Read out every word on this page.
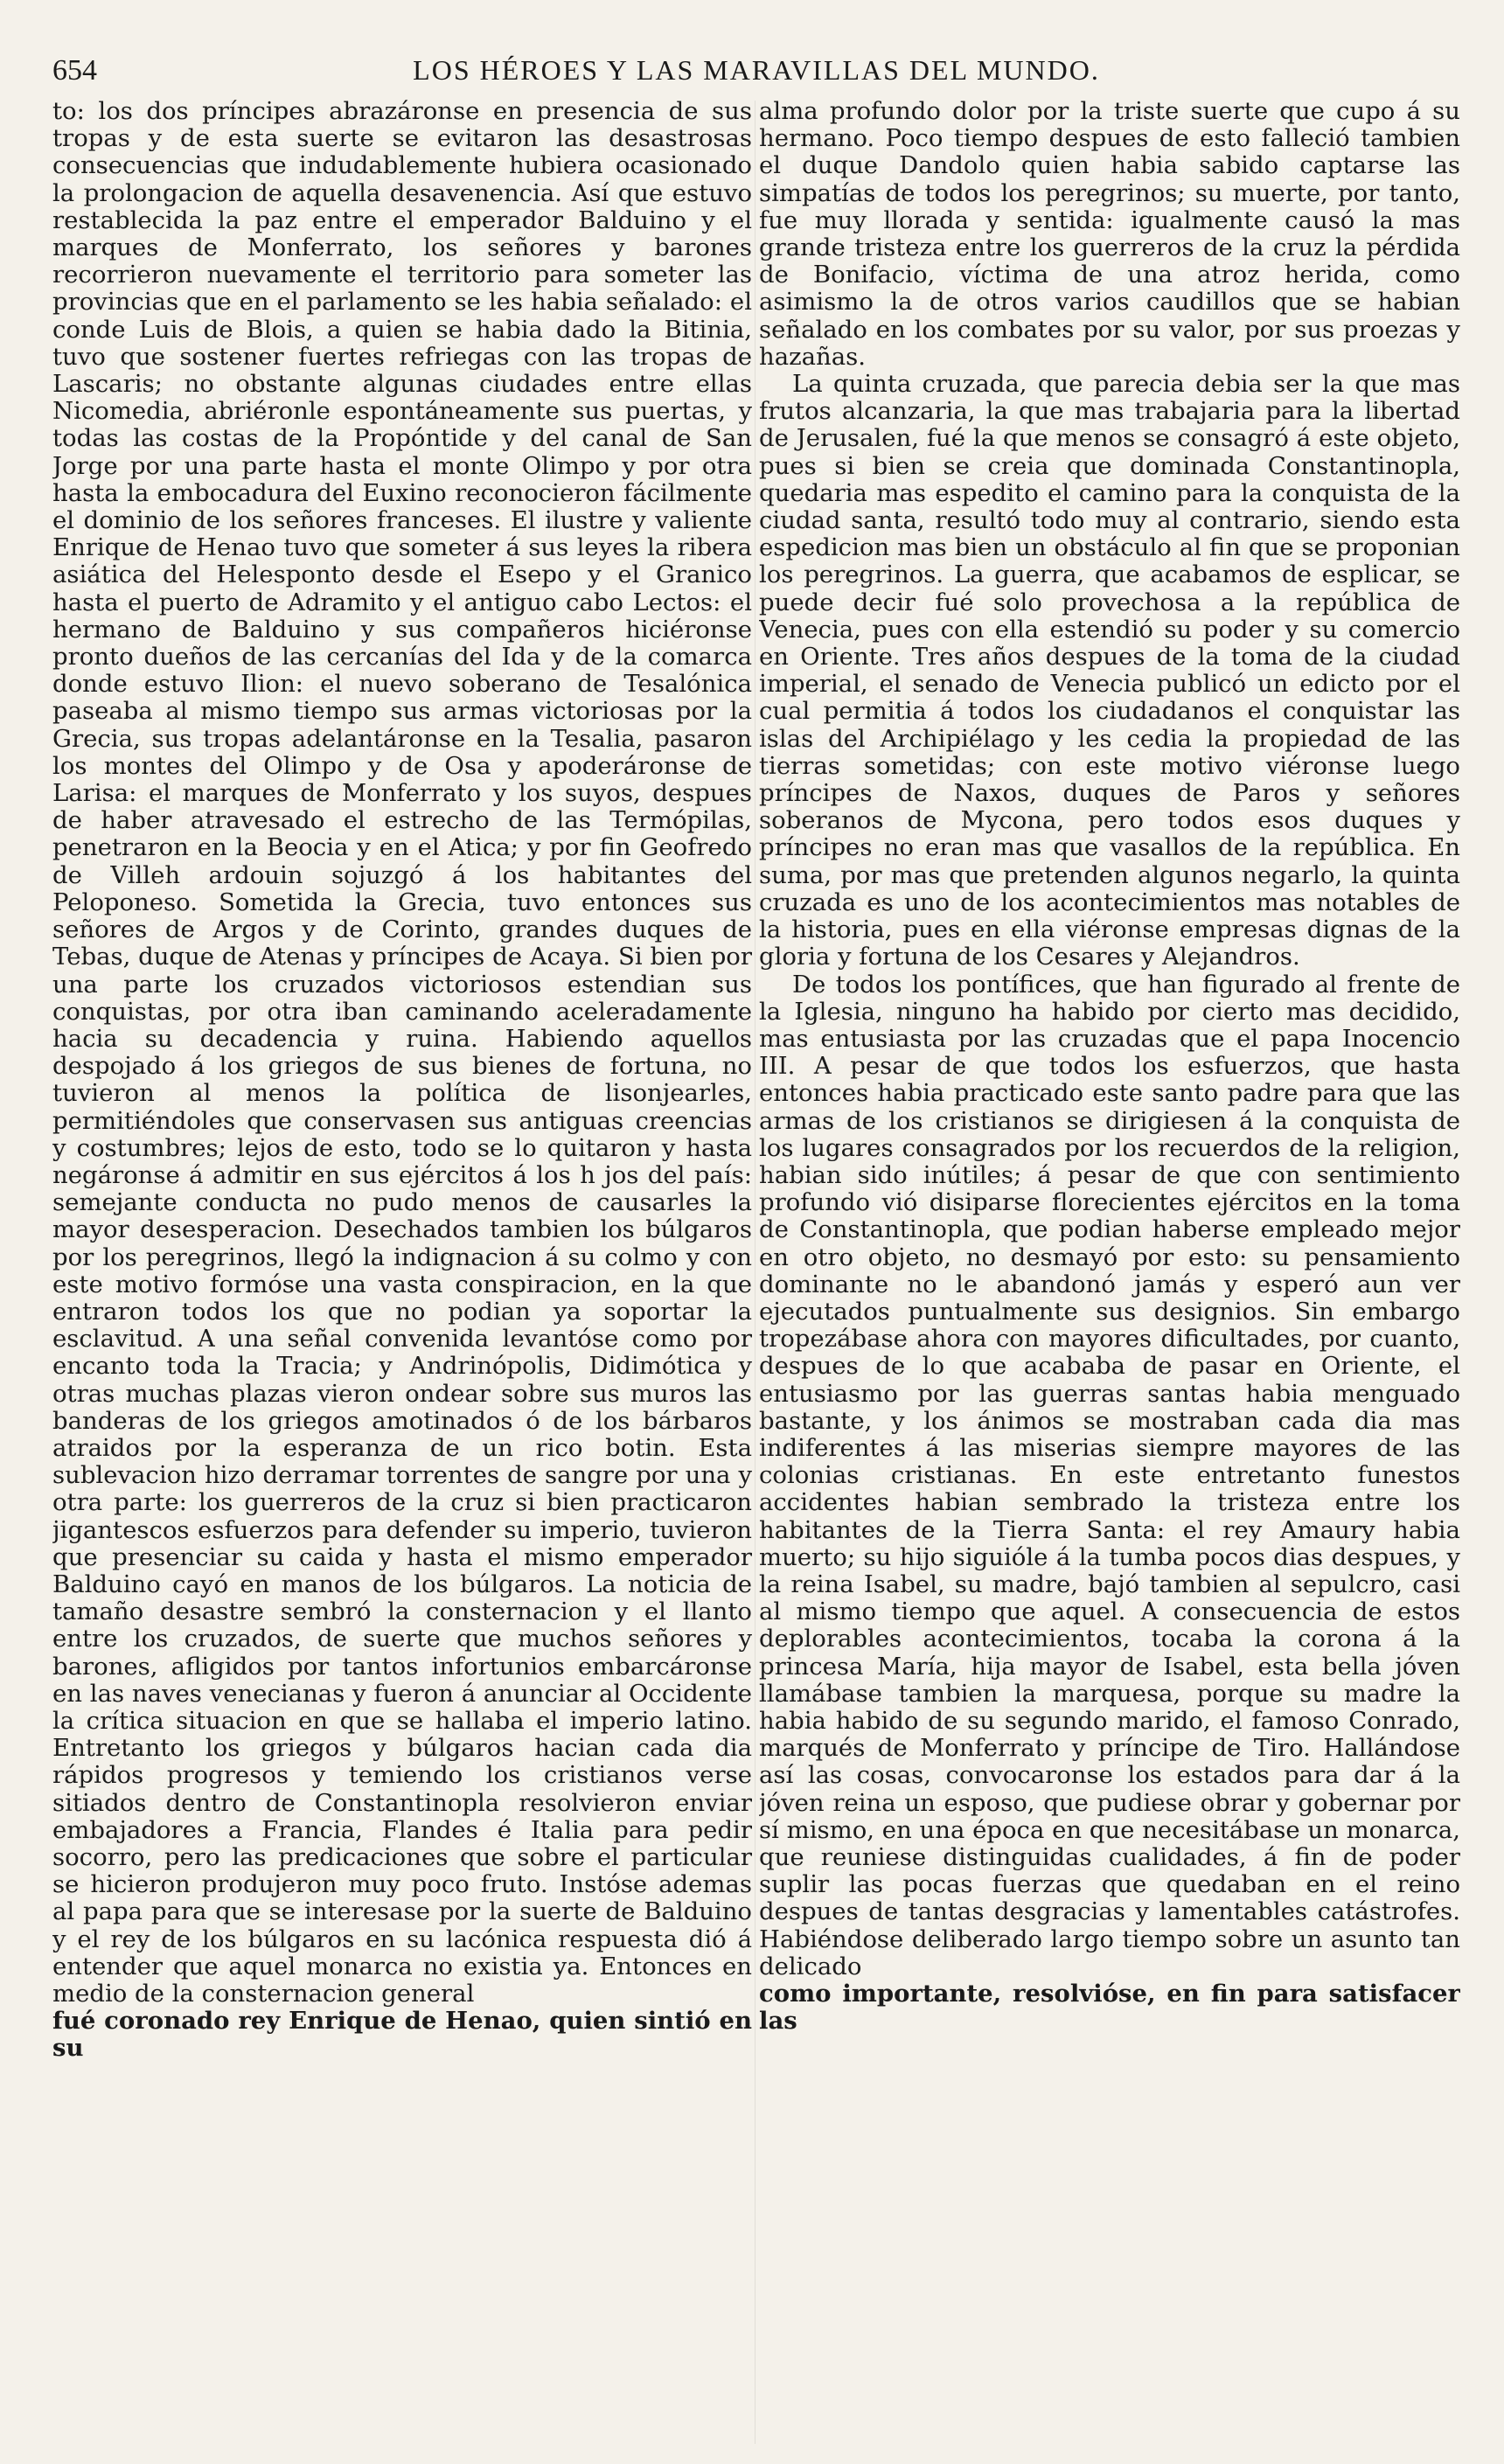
654	LOS HÉROES Y LAS MARAVILLAS DEL MUNDO.

to: los dos príncipes abrazáronse en presencia de sus tropas y de esta suerte se evitaron las desastrosas consecuencias que indudablemente hubiera ocasionado la prolongacion de aquella desavenencia. Así que estuvo restablecida la paz entre el emperador Balduino y el marques de Monferrato, los señores y barones recorrieron nuevamente el territorio para someter las provincias que en el parlamento se les habia señalado: el conde Luis de Blois, a quien se habia dado la Bitinia, tuvo que sostener fuertes refriegas con las tropas de Lascaris; no obstante algunas ciudades entre ellas Nicomedia, abriéronle espontáneamente sus puertas, y todas las costas de la Propóntide y del canal de San Jorge por una parte hasta el monte Olimpo y por otra hasta la embocadura del Euxino reconocieron fácilmente el dominio de los señores franceses. El ilustre y valiente Enrique de Henao tuvo que someter á sus leyes la ribera asiática del Helesponto desde el Esepo y el Granico hasta el puerto de Adramito y el antiguo cabo Lectos: el hermano de Balduino y sus compañeros hiciéronse pronto dueños de las cercanías del Ida y de la comarca donde estuvo Ilion: el nuevo soberano de Tesalónica paseaba al mismo tiempo sus armas victoriosas por la Grecia, sus tropas adelantáronse en la Tesalia, pasaron los montes del Olimpo y de Osa y apoderáronse de Larisa: el marques de Monferrato y los suyos, despues de haber atravesado el estrecho de las Termópilas, penetraron en la Beocia y en el Atica; y por fin Geofredo de Villeh ardouin sojuzgó á los habitantes del Peloponeso. Sometida la Grecia, tuvo entonces sus señores de Argos y de Corinto, grandes duques de Tebas, duque de Atenas y príncipes de Acaya. Si bien por una parte los cruzados victoriosos estendian sus conquistas, por otra iban caminando aceleradamente hacia su decadencia y ruina. Habiendo aquellos despojado á los griegos de sus bienes de fortuna, no tuvieron al menos la política de lisonjearles, permitiéndoles que conservasen sus antiguas creencias y costumbres; lejos de esto, todo se lo quitaron y hasta negáronse á admitir en sus ejércitos á los h jos del país: semejante conducta no pudo menos de causarles la mayor desesperacion. Desechados tambien los búlgaros por los peregrinos, llegó la indignacion á su colmo y con este motivo formóse una vasta conspiracion, en la que entraron todos los que no podian ya soportar la esclavitud. A una señal convenida levantóse como por encanto toda la Tracia; y Andrinópolis, Didimótica y otras muchas plazas vieron ondear sobre sus muros las banderas de los griegos amotinados ó de los bárbaros atraidos por la esperanza de un rico botin. Esta sublevacion hizo derramar torrentes de sangre por una y otra parte: los guerreros de la cruz si bien practicaron jigantescos esfuerzos para defender su imperio, tuvieron que presenciar su caida y hasta el mismo emperador Balduino cayó en manos de los búlgaros. La noticia de tamaño desastre sembró la consternacion y el llanto entre los cruzados, de suerte que muchos señores y barones, afligidos por tantos infortunios embarcáronse en las naves venecianas y fueron á anunciar al Occidente la crítica situacion en que se hallaba el imperio latino. Entretanto los griegos y búlgaros hacian cada dia rápidos progresos y temiendo los cristianos verse sitiados dentro de Constantinopla resolvieron enviar embajadores a Francia, Flandes é Italia para pedir socorro, pero las predicaciones que sobre el particular se hicieron produjeron muy poco fruto. Instóse ademas al papa para que se interesase por la suerte de Balduino y el rey de los búlgaros en su lacónica respuesta dió á entender que aquel monarca no existia ya. Entonces en medio de la consternacion general

fué coronado rey Enrique de Henao, quien sintió en su

alma profundo dolor por la triste suerte que cupo á su hermano. Poco tiempo despues de esto falleció tambien el duque Dandolo quien habia sabido captarse las simpatías de todos los peregrinos; su muerte, por tanto, fue muy llorada y sentida: igualmente causó la mas grande tristeza entre los guerreros de la cruz la pérdida de Bonifacio, víctima de una atroz herida, como asimismo la de otros varios caudillos que se habian señalado en los combates por su valor, por sus proezas y hazañas.

La quinta cruzada, que parecia debia ser la que mas frutos alcanzaria, la que mas trabajaria para la libertad de Jerusalen, fué la que menos se consagró á este objeto, pues si bien se creia que dominada Constantinopla, quedaria mas espedito el camino para la conquista de la ciudad santa, resultó todo muy al contrario, siendo esta espedicion mas bien un obstáculo al fin que se proponian los peregrinos. La guerra, que acabamos de esplicar, se puede decir fué solo provechosa a la república de Venecia, pues con ella estendió su poder y su comercio en Oriente. Tres años despues de la toma de la ciudad imperial, el senado de Venecia publicó un edicto por el cual permitia á todos los ciudadanos el conquistar las islas del Archipiélago y les cedia la propiedad de las tierras sometidas; con este motivo viéronse luego príncipes de Naxos, duques de Paros y señores soberanos de Mycona, pero todos esos duques y príncipes no eran mas que vasallos de la república. En suma, por mas que pretenden algunos negarlo, la quinta cruzada es uno de los acontecimientos mas notables de la historia, pues en ella viéronse empresas dignas de la gloria y fortuna de los Cesares y Alejandros.

De todos los pontífices, que han figurado al frente de la Iglesia, ninguno ha habido por cierto mas decidido, mas entusiasta por las cruzadas que el papa Inocencio III. A pesar de que todos los esfuerzos, que hasta entonces habia practicado este santo padre para que las armas de los cristianos se dirigiesen á la conquista de los lugares consagrados por los recuerdos de la religion, habian sido inútiles; á pesar de que con sentimiento profundo vió disiparse florecientes ejércitos en la toma de Constantinopla, que podian haberse empleado mejor en otro objeto, no desmayó por esto: su pensamiento dominante no le abandonó jamás y esperó aun ver ejecutados puntualmente sus designios. Sin embargo tropezábase ahora con mayores dificultades, por cuanto, despues de lo que acababa de pasar en Oriente, el entusiasmo por las guerras santas habia menguado bastante, y los ánimos se mostraban cada dia mas indiferentes á las miserias siempre mayores de las colonias cristianas. En este entretanto funestos accidentes habian sembrado la tristeza entre los habitantes de la Tierra Santa: el rey Amaury habia muerto; su hijo siguióle á la tumba pocos dias despues, y la reina Isabel, su madre, bajó tambien al sepulcro, casi al mismo tiempo que aquel. A consecuencia de estos deplorables acontecimientos, tocaba la corona á la princesa María, hija mayor de Isabel, esta bella jóven llamábase tambien la marquesa, porque su madre la habia habido de su segundo marido, el famoso Conrado, marqués de Monferrato y príncipe de Tiro. Hallándose así las cosas, convocaronse los estados para dar á la jóven reina un esposo, que pudiese obrar y gobernar por sí mismo, en una época en que necesitábase un monarca, que reuniese distinguidas cualidades, á fin de poder suplir las pocas fuerzas que quedaban en el reino despues de tantas desgracias y lamentables catástrofes. Habiéndose deliberado largo tiempo sobre un asunto tan delicado

como importante, resolvióse, en fin para satisfacer las
